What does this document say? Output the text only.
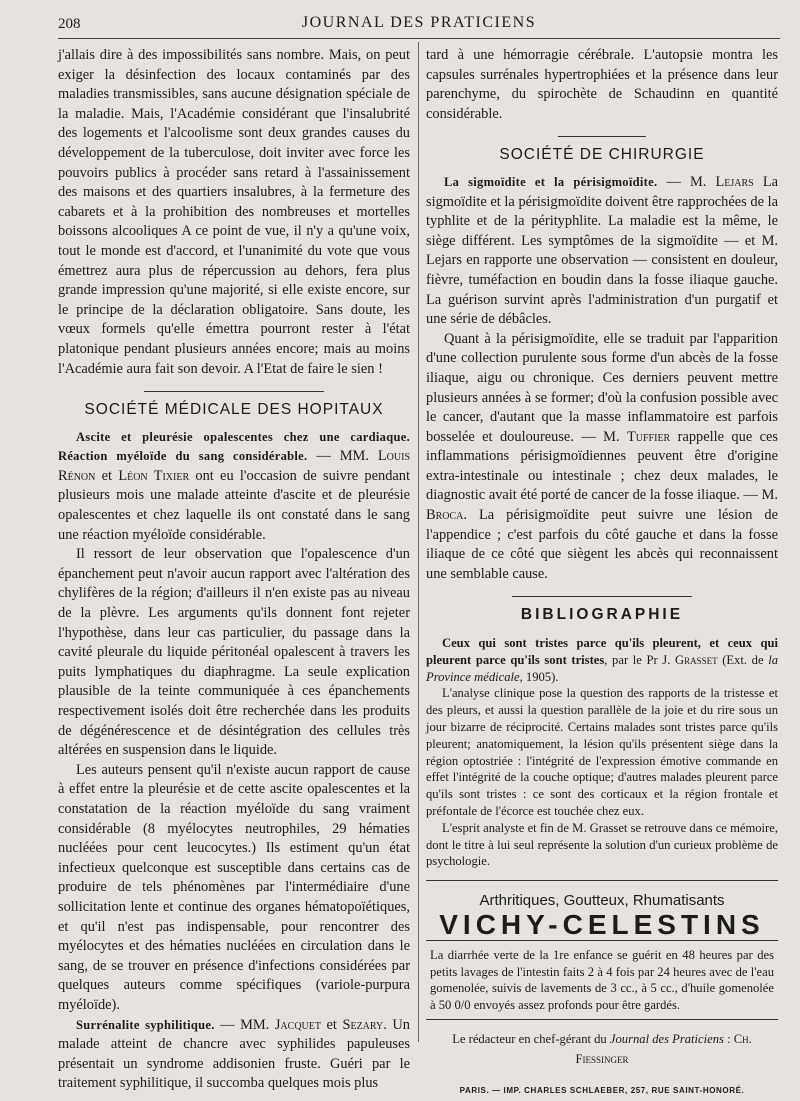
208	JOURNAL DES PRATICIENS

j'allais dire à des impossibilités sans nombre. Mais, on peut exiger la désinfection des locaux contaminés par des maladies transmissibles, sans aucune désignation spéciale de la maladie. Mais, l'Académie considérant que l'insalubrité des logements et l'alcoolisme sont deux grandes causes du développement de la tuberculose, doit inviter avec force les pouvoirs publics à procéder sans retard à l'assainissement des maisons et des quartiers insalubres, à la fermeture des cabarets et à la prohibition des nombreuses et mortelles boissons alcooliques A ce point de vue, il n'y a qu'une voix, tout le monde est d'accord, et l'unanimité du vote que vous émettrez aura plus de répercussion au dehors, fera plus grande impression qu'une majorité, si elle existe encore, sur le principe de la déclaration obligatoire. Sans doute, les vœux formels qu'elle émettra pourront rester à l'état platonique pendant plusieurs années encore; mais au moins l'Académie aura fait son devoir. A l'Etat de faire le sien !

SOCIÉTÉ MÉDICALE DES HOPITAUX

Ascite et pleurésie opalescentes chez une cardiaque. Réaction myéloïde du sang considérable. — MM. Louis Rénon et Léon Tixier ont eu l'occasion de suivre pendant plusieurs mois une malade atteinte d'ascite et de pleurésie opalescentes et chez laquelle ils ont constaté dans le sang une réaction myéloïde considérable.

Il ressort de leur observation que l'opalescence d'un épanchement peut n'avoir aucun rapport avec l'altération des chylifères de la région; d'ailleurs il n'en existe pas au niveau de la plèvre. Les arguments qu'ils donnent font rejeter l'hypothèse, dans leur cas particulier, du passage dans la cavité pleurale du liquide péritonéal opalescent à travers les puits lymphatiques du diaphragme. La seule explication plausible de la teinte communiquée à ces épanchements respectivement isolés doit être recherchée dans les produits de dégénérescence et de désintégration des cellules très altérées en suspension dans le liquide.

Les auteurs pensent qu'il n'existe aucun rapport de cause à effet entre la pleurésie et de cette ascite opalescentes et la constatation de la réaction myéloïde du sang vraiment considérable (8 myélocytes neutrophiles, 29 hématies nucléées pour cent leucocytes.) Ils estiment qu'un état infectieux quelconque est susceptible dans certains cas de produire de tels phénomènes par l'intermédiaire d'une sollicitation lente et continue des organes hématopoïétiques, et qu'il n'est pas indispensable, pour rencontrer des myélocytes et des hématies nucléées en circulation dans le sang, de se trouver en présence d'infections considérées par quelques auteurs comme spécifiques (variole-purpura myéloïde).

Surrénalite syphilitique. — MM. Jacquet et Sezary. Un malade atteint de chancre avec syphilides papuleuses présentait un syndrome addisonien fruste. Guéri par le traitement syphilitique, il succomba quelques mois plus

tard à une hémorragie cérébrale. L'autopsie montra les capsules surrénales hypertrophiées et la présence dans leur parenchyme, du spirochète de Schaudinn en quantité considérable.

SOCIÉTÉ DE CHIRURGIE

La sigmoïdite et la périsigmoïdite. — M. Lejars La sigmoïdite et la périsigmoïdite doivent être rapprochées de la typhlite et de la pérityphlite. La maladie est la même, le siège différent. Les symptômes de la sigmoïdite — et M. Lejars en rapporte une observation — consistent en douleur, fièvre, tuméfaction en boudin dans la fosse iliaque gauche. La guérison survint après l'administration d'un purgatif et une série de débâcles.

Quant à la périsigmoïdite, elle se traduit par l'apparition d'une collection purulente sous forme d'un abcès de la fosse iliaque, aigu ou chronique. Ces derniers peuvent mettre plusieurs années à se former; d'où la confusion possible avec le cancer, d'autant que la masse inflammatoire est parfois bosselée et douloureuse. — M. Tuffier rappelle que ces inflammations périsigmoïdiennes peuvent être d'origine extra-intestinale ou intestinale ; chez deux malades, le diagnostic avait été porté de cancer de la fosse iliaque. — M. Broca. La périsigmoïdite peut suivre une lésion de l'appendice ; c'est parfois du côté gauche et dans la fosse iliaque de ce côté que siègent les abcès qui reconnaissent une semblable cause.

BIBLIOGRAPHIE

Ceux qui sont tristes parce qu'ils pleurent, et ceux qui pleurent parce qu'ils sont tristes, par le Pr J. Grasset (Ext. de la Province médicale, 1905).

L'analyse clinique pose la question des rapports de la tristesse et des pleurs, et aussi la question parallèle de la joie et du rire sous un jour bizarre de réciprocité. Certains malades sont tristes parce qu'ils pleurent; anatomiquement, la lésion qu'ils présentent siège dans la région optostriée : l'intégrité de l'expression émotive commande en effet l'intégrité de la couche optique; d'autres malades pleurent parce qu'ils sont tristes : ce sont des corticaux et la région frontale et préfontale de l'écorce est touchée chez eux.

L'esprit analyste et fin de M. Grasset se retrouve dans ce mémoire, dont le titre à lui seul représente la solution d'un curieux problème de psychologie.

Arthritiques, Goutteux, Rhumatisants
VICHY-CELESTINS
La diarrhée verte de la 1re enfance se guérit en 48 heures par des petits lavages de l'intestin faits 2 à 4 fois par 24 heures avec de l'eau gomenolée, suivis de lavements de 3 cc., à 5 cc., d'huile gomenolée à 50 0/0 envoyés assez profonds pour être gardés.
Le rédacteur en chef-gérant du Journal des Praticiens : Ch. Fiessinger
PARIS. — IMP. CHARLES SCHLAEBER, 257, RUE SAINT-HONORÉ.
